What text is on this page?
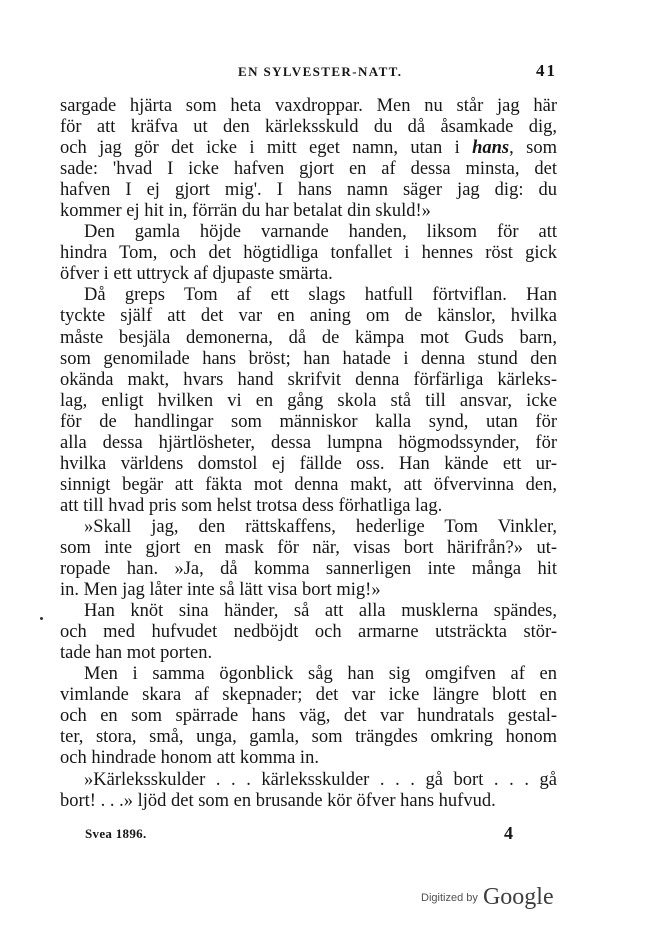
EN SYLVESTER-NATT.	41
sargade hjärta som heta vaxdroppar. Men nu står jag här
för att kräfva ut den kärleksskuld du då åsamkade dig,
och jag gör det icke i mitt eget namn, utan i hans, som
sade: 'hvad I icke hafven gjort en af dessa minsta, det
hafven I ej gjort mig'. I hans namn säger jag dig: du
kommer ej hit in, förrän du har betalat din skuld!»
Den gamla höjde varnande handen, liksom för att
hindra Tom, och det högtidliga tonfallet i hennes röst gick
öfver i ett uttryck af djupaste smärta.
Då greps Tom af ett slags hatfull förtviflan. Han
tyckte själf att det var en aning om de känslor, hvilka
måste besjäla demonerna, då de kämpa mot Guds barn,
som genomilade hans bröst; han hatade i denna stund den
okända makt, hvars hand skrifvit denna förfärliga kärleks-
lag, enligt hvilken vi en gång skola stå till ansvar, icke
för de handlingar som människor kalla synd, utan för
alla dessa hjärtlösheter, dessa lumpna högmodssynder, för
hvilka världens domstol ej fällde oss. Han kände ett ur-
sinnigt begär att fäkta mot denna makt, att öfvervinna den,
att till hvad pris som helst trotsa dess förhatliga lag.
»Skall jag, den rättskaffens, hederlige Tom Vinkler,
som inte gjort en mask för när, visas bort härifrån?» ut-
ropade han. »Ja, då komma sannerligen inte många hit
in. Men jag låter inte så lätt visa bort mig!»
Han knöt sina händer, så att alla musklerna spändes,
och med hufvudet nedböjdt och armarne utsträckta stör-
tade han mot porten.
Men i samma ögonblick såg han sig omgifven af en
vimlande skara af skepnader; det var icke längre blott en
och en som spärrade hans väg, det var hundratals gestal-
ter, stora, små, unga, gamla, som trängdes omkring honom
och hindrade honom att komma in.
»Kärleksskulder . . . kärleksskulder . . . gå bort . . . gå
bort! . . .» ljöd det som en brusande kör öfver hans hufvud.
Svea 1896.	4
Digitized by Google
